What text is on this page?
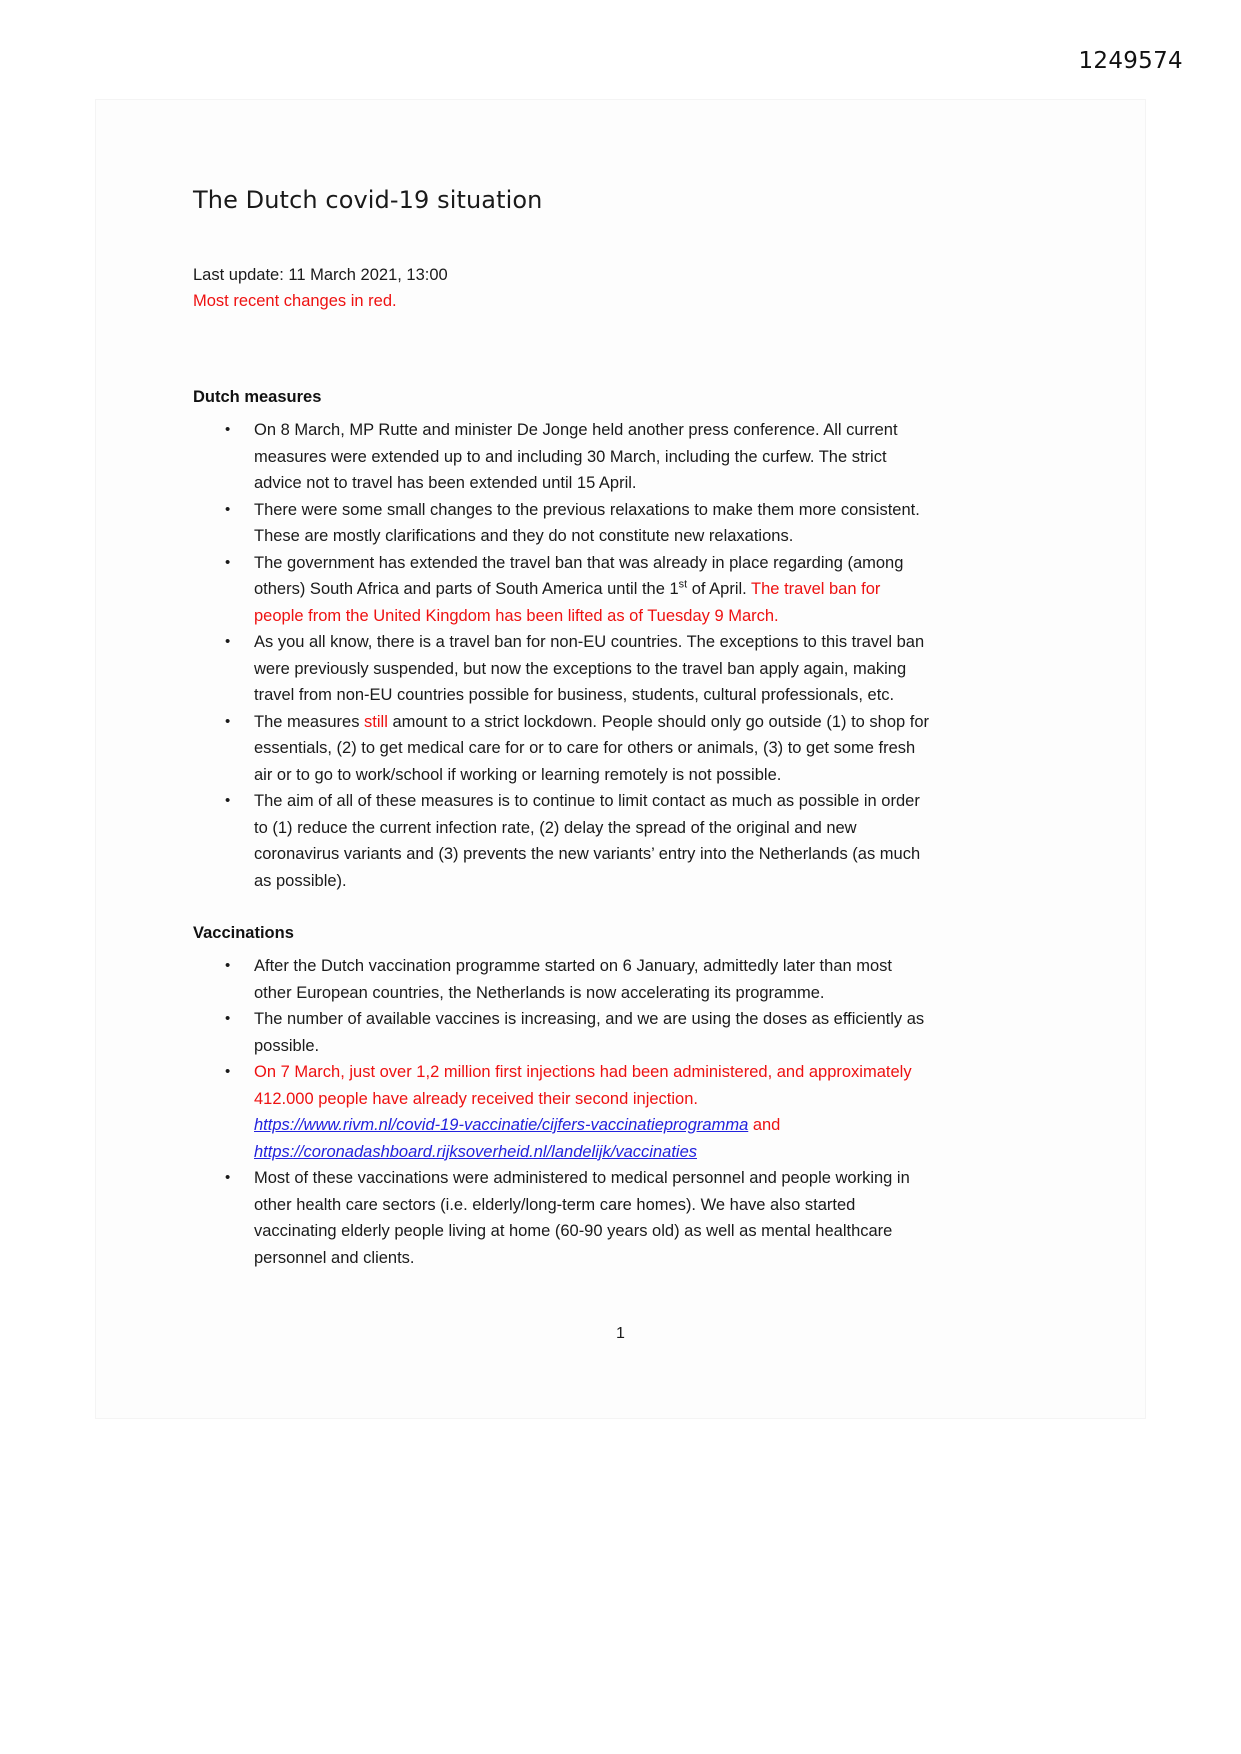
1249574
The Dutch covid-19 situation

Last update: 11 March 2021, 13:00

Most recent changes in red.

Dutch measures
• On 8 March, MP Rutte and minister De Jonge held another press conference. All current measures were extended up to and including 30 March, including the curfew. The strict advice not to travel has been extended until 15 April.
• There were some small changes to the previous relaxations to make them more consistent. These are mostly clarifications and they do not constitute new relaxations.
• The government has extended the travel ban that was already in place regarding (among others) South Africa and parts of South America until the 1st of April. The travel ban for people from the United Kingdom has been lifted as of Tuesday 9 March.
• As you all know, there is a travel ban for non-EU countries. The exceptions to this travel ban were previously suspended, but now the exceptions to the travel ban apply again, making travel from non-EU countries possible for business, students, cultural professionals, etc.
• The measures still amount to a strict lockdown. People should only go outside (1) to shop for essentials, (2) to get medical care for or to care for others or animals, (3) to get some fresh air or to go to work/school if working or learning remotely is not possible.
• The aim of all of these measures is to continue to limit contact as much as possible in order to (1) reduce the current infection rate, (2) delay the spread of the original and new coronavirus variants and (3) prevents the new variants’ entry into the Netherlands (as much as possible).
Vaccinations
• After the Dutch vaccination programme started on 6 January, admittedly later than most other European countries, the Netherlands is now accelerating its programme.
• The number of available vaccines is increasing, and we are using the doses as efficiently as possible.
• On 7 March, just over 1,2 million first injections had been administered, and approximately 412.000 people have already received their second injection.
https://www.rivm.nl/covid-19-vaccinatie/cijfers-vaccinatieprogramma and
https://coronadashboard.rijksoverheid.nl/landelijk/vaccinaties
• Most of these vaccinations were administered to medical personnel and people working in other health care sectors (i.e. elderly/long-term care homes). We have also started vaccinating elderly people living at home (60-90 years old) as well as mental healthcare personnel and clients.
1
